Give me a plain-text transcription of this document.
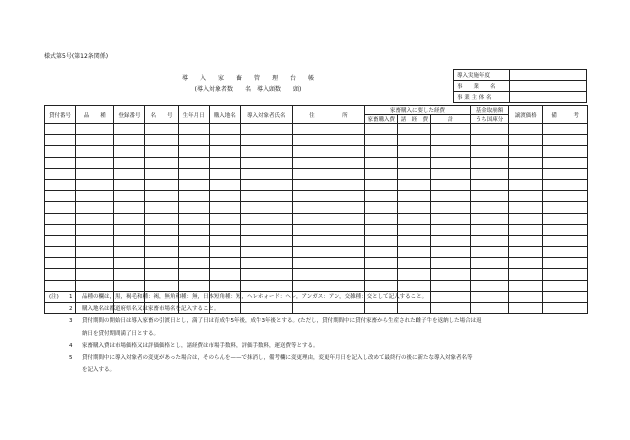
様式第5号(第12条関係)
導　　入　　家　　畜　　管　　理　　台　　帳
(導入対象者数　　名　導入頭数　　頭)
導入実施年度	
事　　業　　名	
事 業 主 体 名	
貸付番号	品　　種	登録番号	名　　号	生年月日	購入地名	導入対象者氏名	住　　　　　所	家畜購入に要した経費			基金取崩額	譲渡価格	備　　　考
								家畜購入費	諸　経　費	計	うち国庫分		

(注)	1	品種の欄は，黒，褐毛和種：褐，無角和種：無，日本短角種：短，ヘレホォード：ヘレ，アンガス：アン，交雑種：交として記入すること。
2	購入地名は都道府県名又は家畜市場名を記入すること。
3	貸付期間の開始日は導入家畜の引渡日とし，満了日は育成牛5年後，成牛3年後とする。(ただし，貸付期間中に貸付家畜から生産された雌子牛を返納した場合は返
納日を貸付期間満了日とする。
4	家畜購入費は市場価格又は評価価格とし，諸経費は市場手数料，評価手数料，運送費等とする。
5	貸付期間中に導入対象者の変更があった場合は，そのらんを——で抹消し，備考欄に変更理由，変更年月日を記入し改めて最終行の後に新たな導入対象者名等
を記入する。
